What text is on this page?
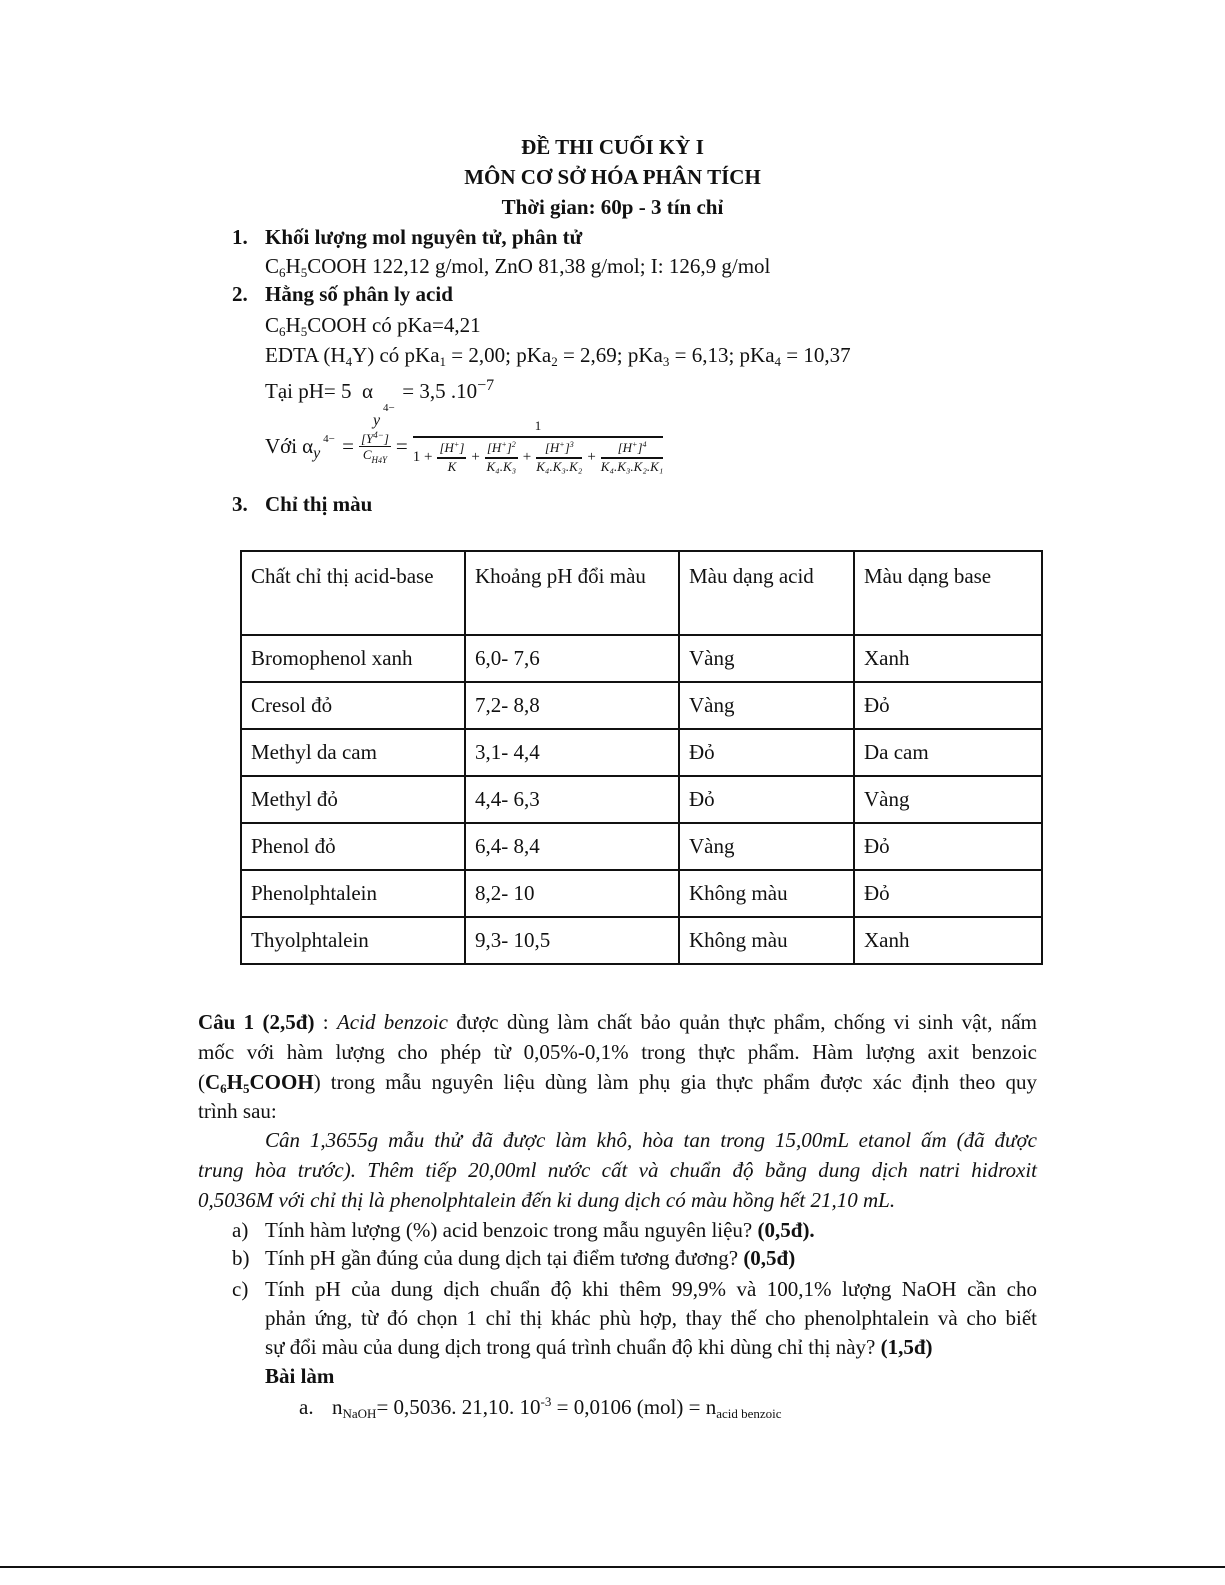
ĐỀ THI CUỐI KỲ I
MÔN CƠ SỞ HÓA PHÂN TÍCH
Thời gian: 60p - 3 tín chỉ
1. Khối lượng mol nguyên tử, phân tử
$C_6H_5COOH$ 122,12 g/mol, ZnO 81,38 g/mol; I: 126,9 g/mol
2. Hằng số phân ly acid
$C_6H_5COOH$ có pKa=4,21
EDTA $(H_4Y)$ có pKa$_1$ = 2,00; pKa$_2$ = 2,69; pKa$_3$ = 6,13; pKa$_4$ = 10,37
Tại pH= 5 α
y
4−
= 3,5 $.10^{-7}$
Với α y
$4- = \frac{[Y^{4-}]}{C_{H4Y}}$ =
1
$1 + \frac{[H^+]}{K} + \frac{[H^+]^2}{\text{K₄.K₃}} + \frac{[H^+]^3}{\text{K₄.K₃.K₂}} + \frac{[H^+]^4}{\text{K₄.K₃.K₂.K₁}}$
3. Chỉ thị màu
Chất chỉ thị acid-base	Khoảng pH đổi màu	Màu dạng acid	Màu dạng base
Bromophenol xanh	6,0- 7,6	Vàng	Xanh
Cresol đỏ	7,2- 8,8	Vàng	Đỏ
Methyl da cam	3,1- 4,4	Đỏ	Da cam
Methyl đỏ	4,4- 6,3	Đỏ	Vàng
Phenol đỏ	6,4- 8,4	Vàng	Đỏ
Phenolphtalein	8,2- 10	Không màu	Đỏ
Thyolphtalein	9,3- 10,5	Không màu	Xanh
Câu 1 (2,5đ) : Acid benzoic được dùng làm chất bảo quản thực phẩm, chống vi sinh vật, nấm
mốc với hàm lượng cho phép từ 0,05%-0,1% trong thực phẩm. Hàm lượng axit benzoic
$(C_6H_5COOH)$ trong mẫu nguyên liệu dùng làm phụ gia thực phẩm được xác định theo quy
trình sau:
Cân 1,3655g mẫu thử đã được làm khô, hòa tan trong 15,00mL etanol ấm (đã được
trung hòa trước). Thêm tiếp 20,00ml nước cất và chuẩn độ bằng dung dịch natri hidroxit
0,5036M với chỉ thị là phenolphtalein đến ki dung dịch có màu hồng hết 21,10 mL.
a) Tính hàm lượng (%) acid benzoic trong mẫu nguyên liệu? (0,5đ).
b) Tính pH gần đúng của dung dịch tại điểm tương đương? (0,5đ)
c) Tính pH của dung dịch chuẩn độ khi thêm 99,9% và 100,1% lượng NaOH cần cho
phản ứng, từ đó chọn 1 chỉ thị khác phù hợp, thay thế cho phenolphtalein và cho biết
sự đổi màu của dung dịch trong quá trình chuẩn độ khi dùng chỉ thị này? (1,5đ)
Bài làm
a. $n_{NaOH}= 0,5036$. 21,10. $10^{-3} = 0,0106$ $(mol) = n_{acid benzoic}$
